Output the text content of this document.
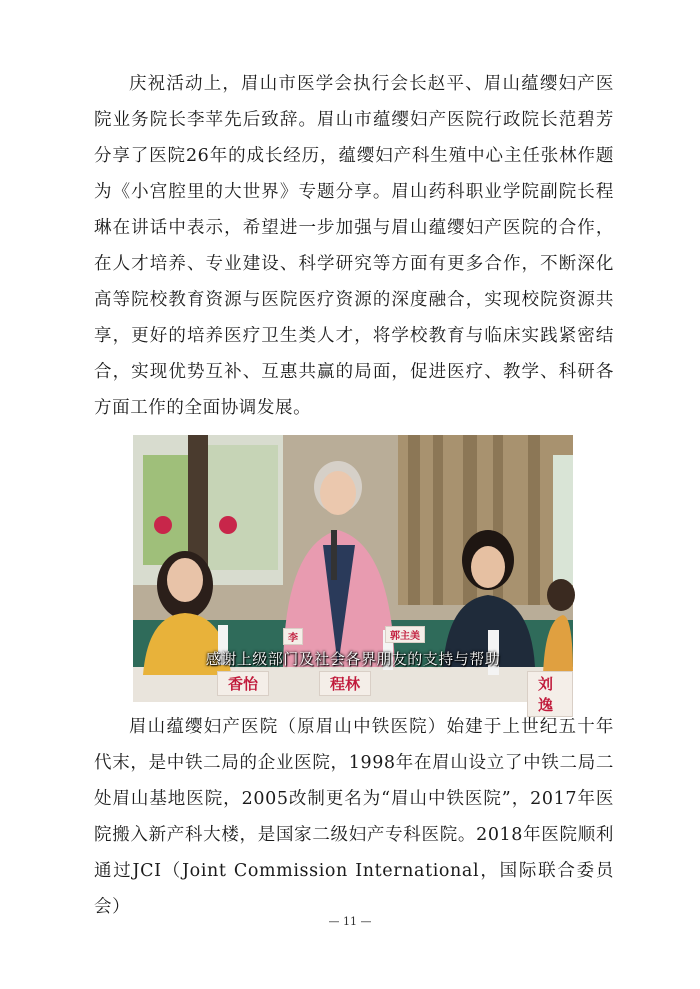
庆祝活动上，眉山市医学会执行会长赵平、眉山蕴缨妇产医院业务院长李苹先后致辞。眉山市蕴缨妇产医院行政院长范碧芳分享了医院26年的成长经历，蕴缨妇产科生殖中心主任张林作题为《小宫腔里的大世界》专题分享。眉山药科职业学院副院长程琳在讲话中表示，希望进一步加强与眉山蕴缨妇产医院的合作，在人才培养、专业建设、科学研究等方面有更多合作，不断深化高等院校教育资源与医院医疗资源的深度融合，实现校院资源共享，更好的培养医疗卫生类人才，将学校教育与临床实践紧密结合，实现优势互补、互惠共赢的局面，促进医疗、教学、科研各方面工作的全面协调发展。

李	郭主美
感谢上级部门及社会各界朋友的支持与帮助
香怡	程林	刘逸

眉山蕴缨妇产医院（原眉山中铁医院）始建于上世纪五十年代末，是中铁二局的企业医院，1998年在眉山设立了中铁二局二处眉山基地医院，2005改制更名为“眉山中铁医院”，2017年医院搬入新产科大楼，是国家二级妇产专科医院。2018年医院顺利通过JCI（Joint Commission International，国际联合委员会）

— 11 —
